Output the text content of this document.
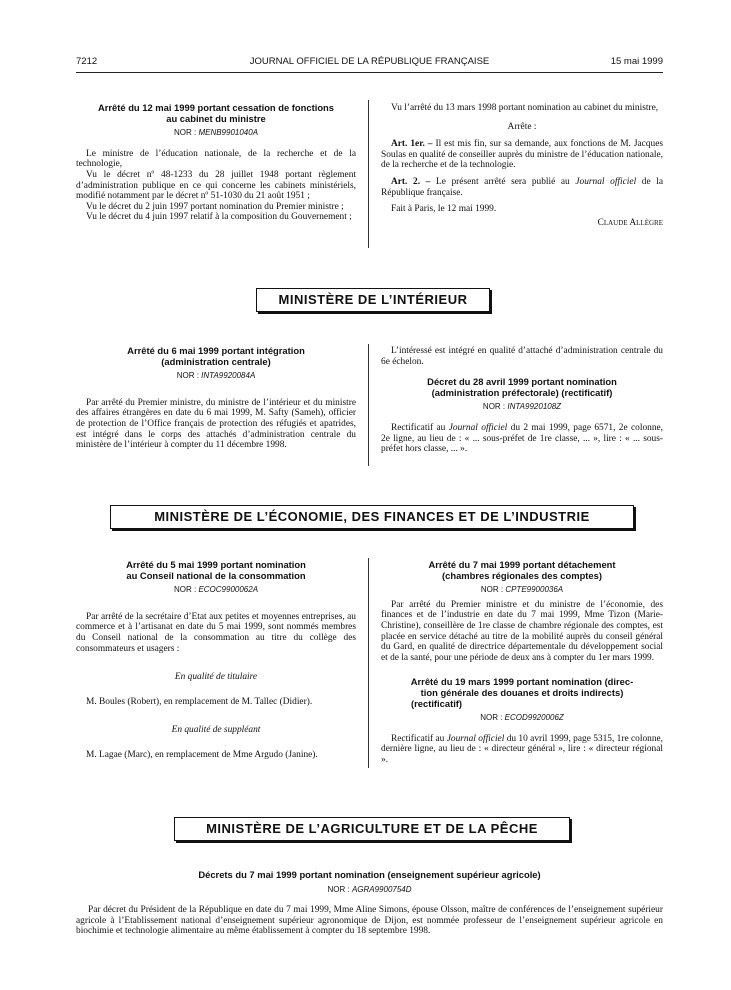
7212	JOURNAL OFFICIEL DE LA RÉPUBLIQUE FRANÇAISE	15 mai 1999
Arrêté du 12 mai 1999 portant cessation de fonctions
au cabinet du ministre
NOR : MENB9901040A

Le ministre de l’éducation nationale, de la recherche et de la technologie,

Vu le décret nº 48-1233 du 28 juillet 1948 portant règlement d’administration publique en ce qui concerne les cabinets ministériels, modifié notamment par le décret nº 51-1030 du 21 août 1951 ;

Vu le décret du 2 juin 1997 portant nomination du Premier ministre ;

Vu le décret du 4 juin 1997 relatif à la composition du Gouvernement ;

Vu l’arrêté du 13 mars 1998 portant nomination au cabinet du ministre,

Arrête :

Art. 1er. – Il est mis fin, sur sa demande, aux fonctions de M. Jacques Soulas en qualité de conseiller auprès du ministre de l’éducation nationale, de la recherche et de la technologie.

Art. 2. – Le présent arrêté sera publié au Journal officiel de la République française.

Fait à Paris, le 12 mai 1999.

Claude Allègre

MINISTÈRE DE L’INTÉRIEUR
Arrêté du 6 mai 1999 portant intégration
(administration centrale)
NOR : INTA9920084A

Par arrêté du Premier ministre, du ministre de l’intérieur et du ministre des affaires étrangères en date du 6 mai 1999, M. Safty (Sameh), officier de protection de l’Office français de protection des réfugiés et apatrides, est intégré dans le corps des attachés d’administration centrale du ministère de l’intérieur à compter du 11 décembre 1998.

L’intéressé est intégré en qualité d’attaché d’administration centrale du 6e échelon.

Décret du 28 avril 1999 portant nomination
(administration préfectorale) (rectificatif)
NOR : INTA9920108Z

Rectificatif au Journal officiel du 2 mai 1999, page 6571, 2e colonne, 2e ligne, au lieu de : « ... sous-préfet de 1re classe, ... », lire : « ... sous-préfet hors classe, ... ».

MINISTÈRE DE L’ÉCONOMIE, DES FINANCES ET DE L’INDUSTRIE
Arrêté du 5 mai 1999 portant nomination
au Conseil national de la consommation
NOR : ECOC9900062A

Par arrêté de la secrétaire d’Etat aux petites et moyennes entreprises, au commerce et à l’artisanat en date du 5 mai 1999, sont nommés membres du Conseil national de la consommation au titre du collège des consommateurs et usagers :

En qualité de titulaire

M. Boules (Robert), en remplacement de M. Tallec (Didier).

En qualité de suppléant

M. Lagae (Marc), en remplacement de Mme Argudo (Janine).

Arrêté du 7 mai 1999 portant détachement
(chambres régionales des comptes)
NOR : CPTE9900036A

Par arrêté du Premier ministre et du ministre de l’économie, des finances et de l’industrie en date du 7 mai 1999, Mme Tizon (Marie-Christine), conseillère de 1re classe de chambre régionale des comptes, est placée en service détaché au titre de la mobilité auprès du conseil général du Gard, en qualité de directrice départementale du développement social et de la santé, pour une période de deux ans à compter du 1er mars 1999.

Arrêté du 19 mars 1999 portant nomination (direc-
tion générale des douanes et droits indirects)
(rectificatif)
NOR : ECOD9920006Z

Rectificatif au Journal officiel du 10 avril 1999, page 5315, 1re colonne, dernière ligne, au lieu de : « directeur général », lire : « directeur régional ».

MINISTÈRE DE L’AGRICULTURE ET DE LA PÊCHE
Décrets du 7 mai 1999 portant nomination (enseignement supérieur agricole)
NOR : AGRA9900754D

Par décret du Président de la République en date du 7 mai 1999, Mme Aline Simons, épouse Olsson, maître de conférences de l’enseignement supérieur agricole à l’Etablissement national d’enseignement supérieur agronomique de Dijon, est nommée professeur de l’enseignement supérieur agricole en biochimie et technologie alimentaire au même établissement à compter du 18 septembre 1998.
